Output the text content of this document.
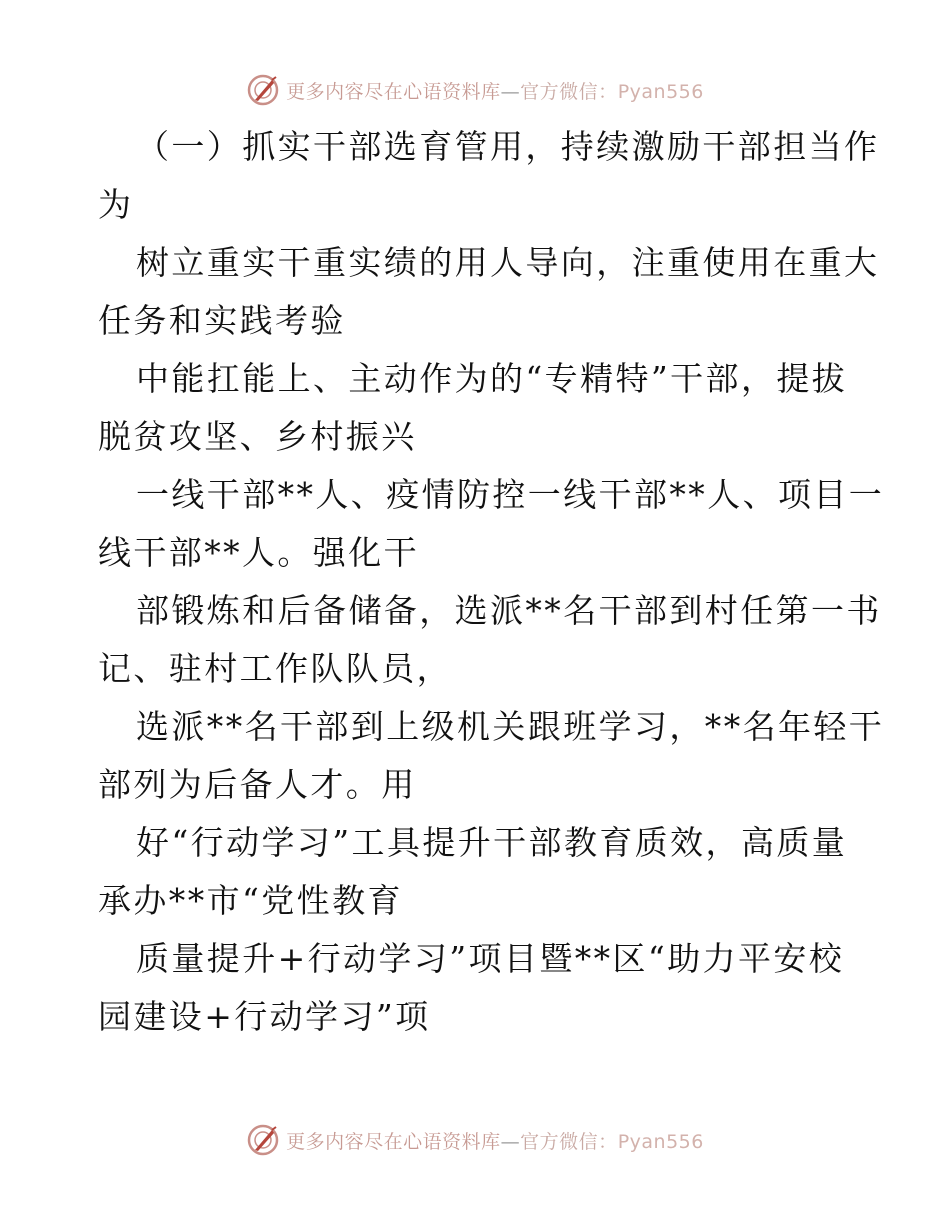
更多内容尽在心语资料库—官方微信：Pyan556
（一）抓实干部选育管用，持续激励干部担当作
为
树立重实干重实绩的用人导向，注重使用在重大
任务和实践考验
中能扛能上、主动作为的“专精特”干部，提拔
脱贫攻坚、乡村振兴
一线干部**人、疫情防控一线干部**人、项目一
线干部**人。强化干
部锻炼和后备储备，选派**名干部到村任第一书
记、驻村工作队队员，
选派**名干部到上级机关跟班学习，**名年轻干
部列为后备人才。用
好“行动学习”工具提升干部教育质效，高质量
承办**市“党性教育
质量提升+行动学习”项目暨**区“助力平安校
园建设+行动学习”项
更多内容尽在心语资料库—官方微信：Pyan556
